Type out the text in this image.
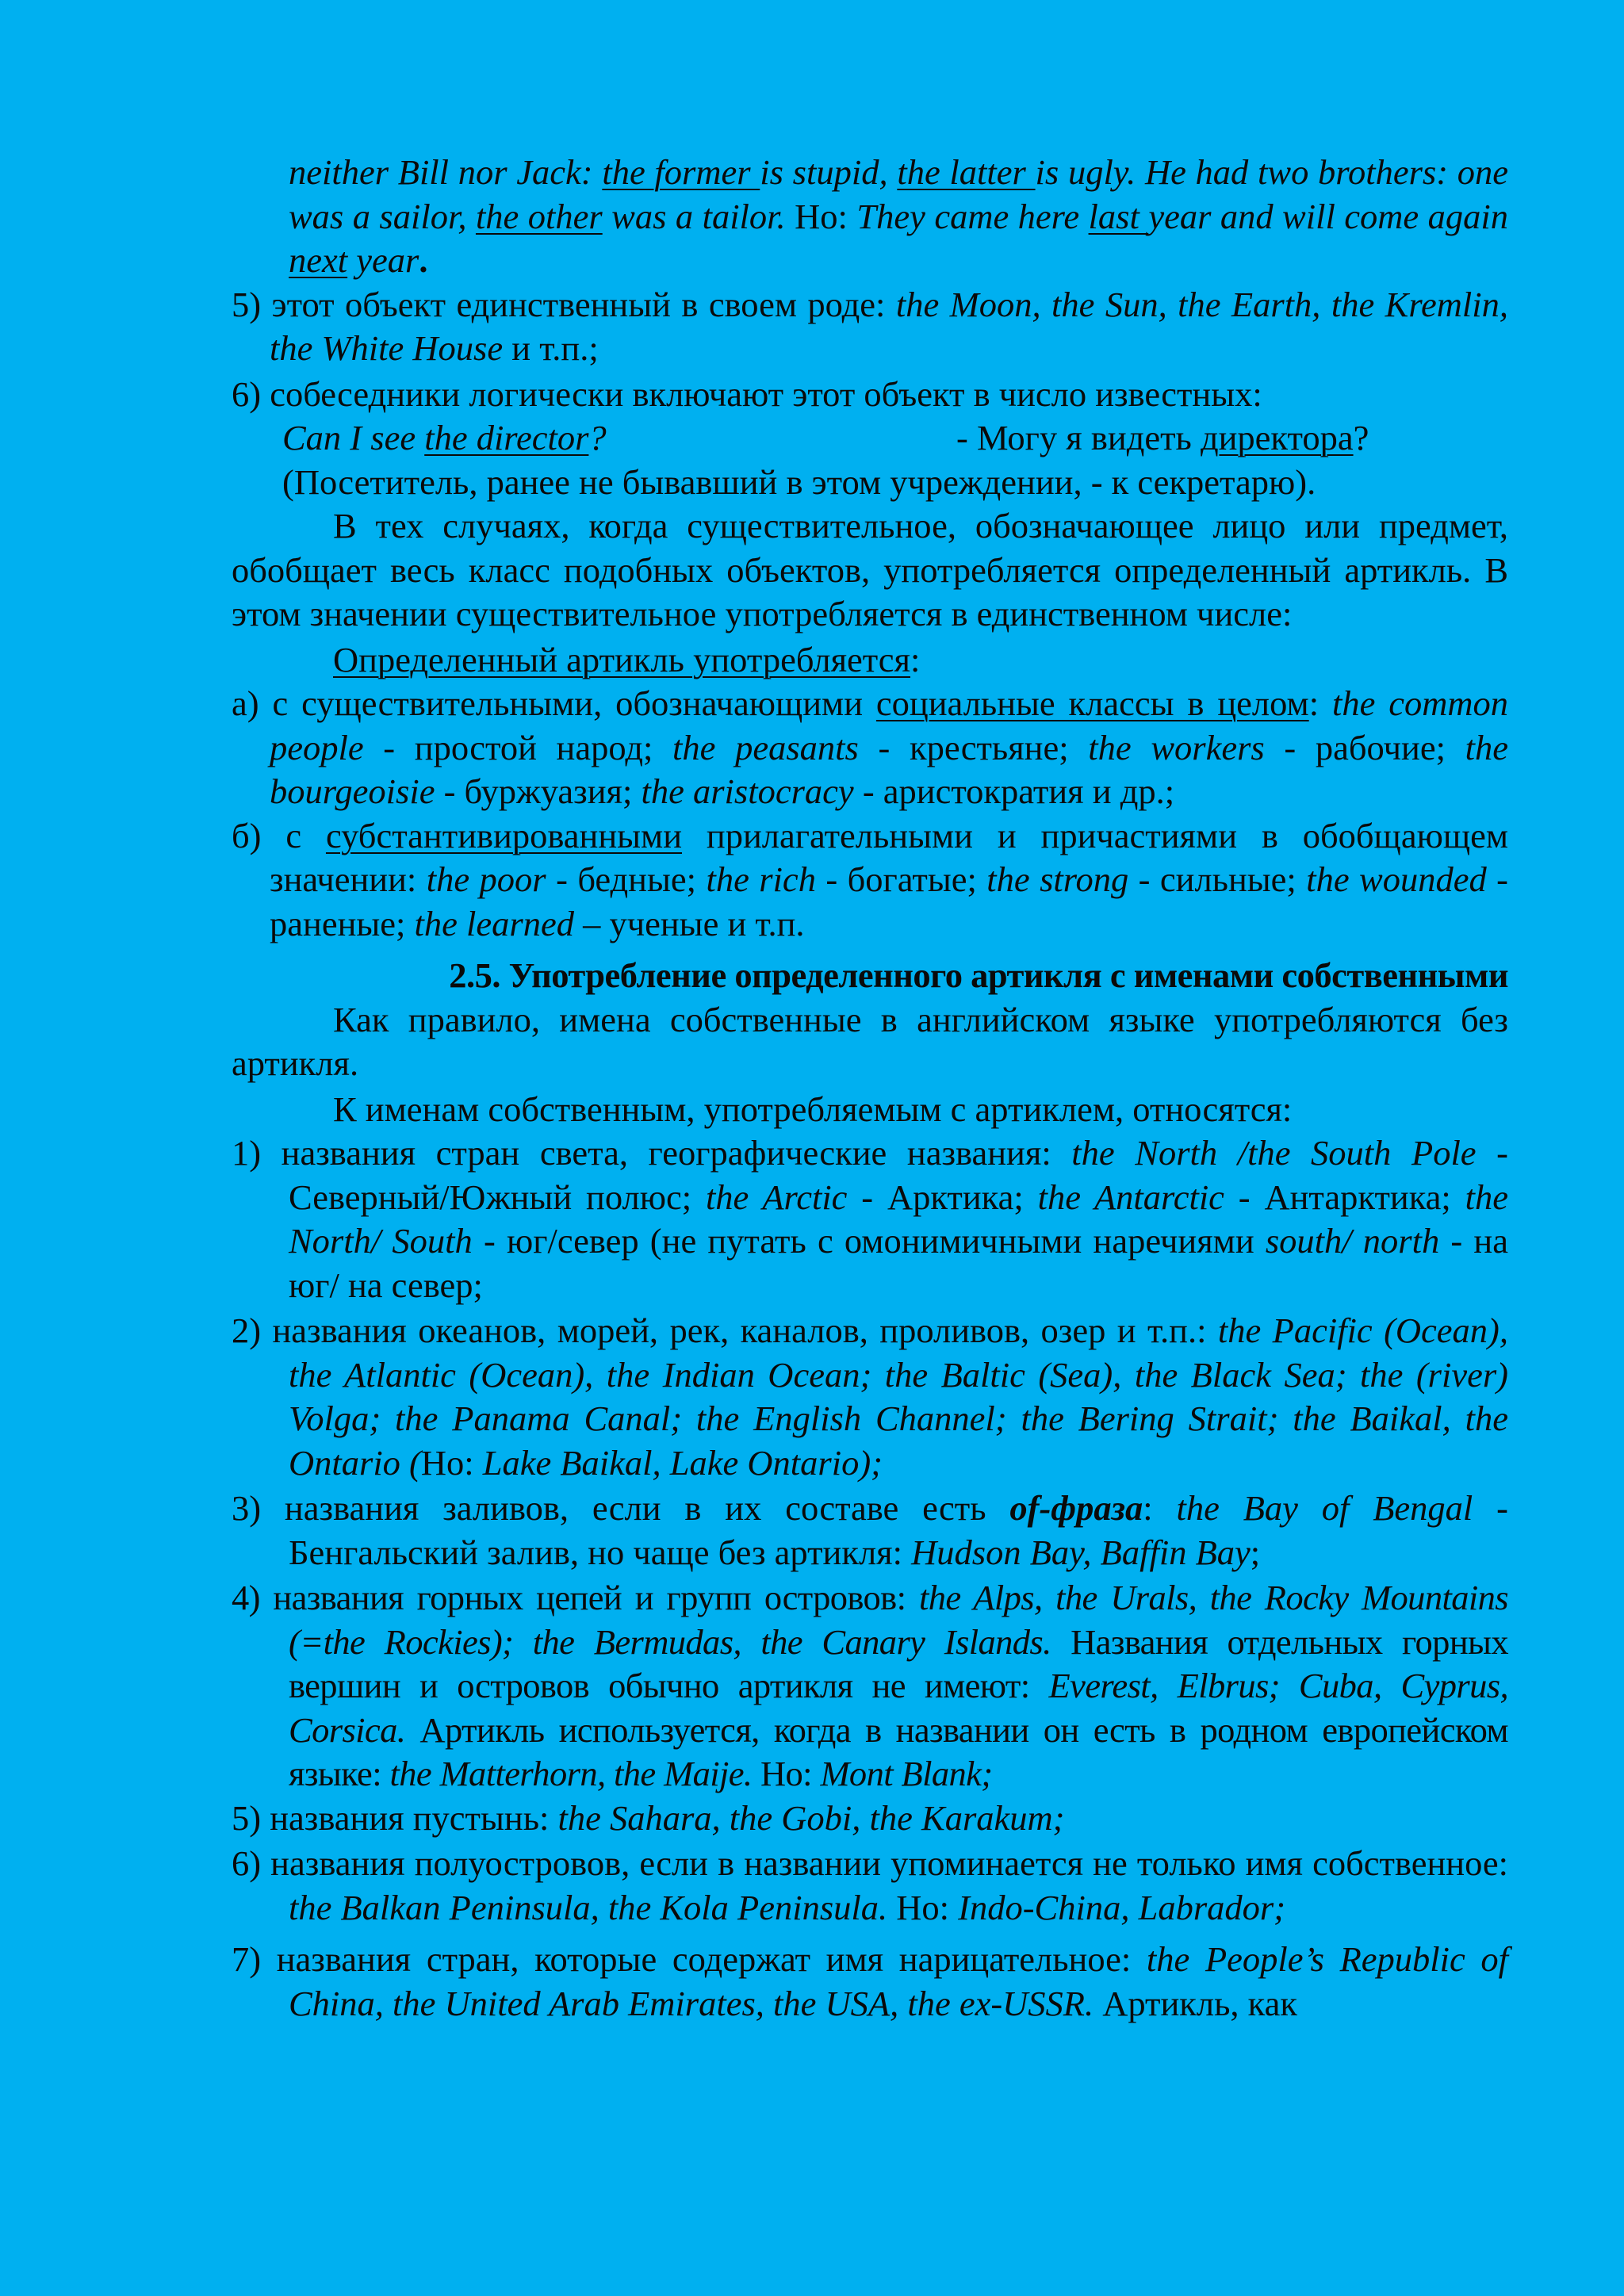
neither Bill nor Jack: the former is stupid, the latter is ugly. He had two brothers: one was a sailor, the other was a tailor. Но: They came here last year and will come again next year.

5) этот объект единственный в своем роде: the Moon, the Sun, the Earth, the Kremlin, the White House и т.п.;

6) собеседники логически включают этот объект в число известных:

Can I see the director?	- Могу я видеть директора?

(Посетитель, ранее не бывавший в этом учреждении, - к секретарю).

В тех случаях, когда существительное, обозначающее лицо или предмет, обобщает весь класс подобных объектов, употребляется определенный артикль. В этом значении существительное употребляется в единственном числе:

Определенный артикль употребляется:

а) с существительными, обозначающими социальные классы в целом: the common people - простой народ; the peasants - крестьяне; the workers - рабочие; the bourgeoisie - буржуазия; the aristocracy - аристократия и др.;

б) с субстантивированными прилагательными и причастиями в обобщающем значении: the poor - бедные; the rich - богатые; the strong - сильные; the wounded - раненые; the learned – ученые и т.п.

2.5. Употребление определенного артикля с именами собственными

Как правило, имена собственные в английском языке употребляются без артикля.

К именам собственным, употребляемым с артиклем, относятся:

1) названия стран света, географические названия: the North /the South Pole - Северный/Южный полюс; the Arctic - Арктика; the Antarctic - Антарктика; the North/ South - юг/север (не путать с омонимичными наречиями south/ north - на юг/ на север;

2) названия океанов, морей, рек, каналов, проливов, озер и т.п.: the Pacific (Ocean), the Atlantic (Ocean), the Indian Ocean; the Baltic (Sea), the Black Sea; the (river) Volga; the Panama Canal; the English Channel; the Bering Strait; the Baikal, the Ontario (Но: Lake Baikal, Lake Ontario);

3) названия заливов, если в их составе есть of-фраза: the Bay of Bengal - Бенгальский залив, но чаще без артикля: Hudson Bay, Baffin Bay;

4) названия горных цепей и групп островов: the Alps, the Urals, the Rocky Mountains (=the Rockies); the Bermudas, the Canary Islands. Названия отдельных горных вершин и островов обычно артикля не имеют: Everest, Elbrus; Cuba, Cyprus, Corsica. Артикль используется, когда в названии он есть в родном европейском языке: the Matterhorn, the Maije. Но: Mont Blank;

5) названия пустынь: the Sahara, the Gobi, the Karakum;

6) названия полуостровов, если в названии упоминается не только имя собственное: the Balkan Peninsula, the Kola Peninsula. Но: Indo-China, Labrador;

7) названия стран, которые содержат имя нарицательное: the People’s Republic of China, the United Arab Emirates, the USA, the ex-USSR. Артикль, как
